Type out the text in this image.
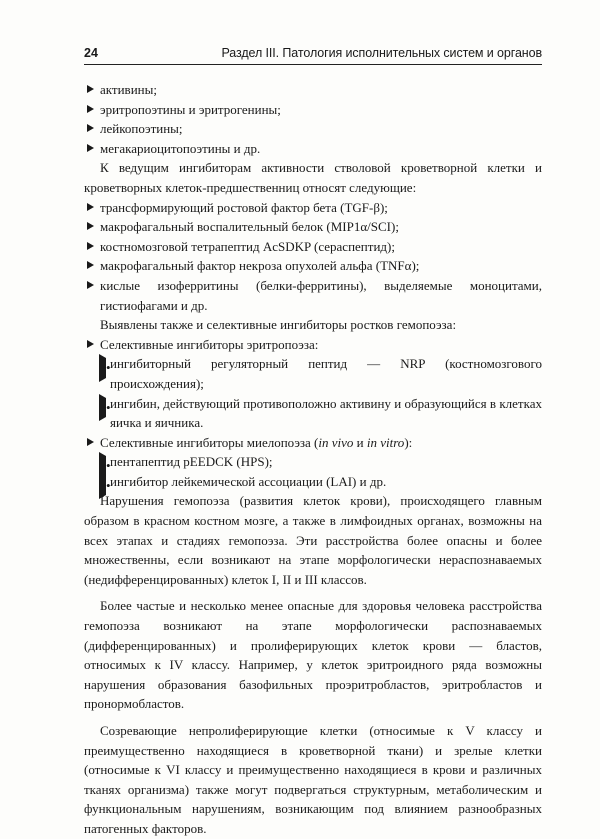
24	Раздел III. Патология исполнительных систем и органов
активины;
эритропоэтины и эритрогенины;
лейкопоэтины;
мегакариоцитопоэтины и др.

К ведущим ингибиторам активности стволовой кроветворной клетки и кроветворных клеток-предшественниц относят следующие:

трансформирующий ростовой фактор бета (TGF-β);
макрофагальный воспалительный белок (MIP1α/SCI);
костномозговой тетрапептид AcSDKP (сераспептид);
макрофагальный фактор некроза опухолей альфа (TNFα);
кислые изоферритины (белки-ферритины), выделяемые моноцитами, гистиофагами и др.

Выявлены также и селективные ингибиторы ростков гемопоэза:

Селективные ингибиторы эритропоэза:
• ингибиторный регуляторный пептид — NRP (костномозгового происхождения);
• ингибин, действующий противоположно активину и образующийся в клетках яичка и яичника.
Селективные ингибиторы миелопоэза (in vivo и in vitro):
• пентапептид pEEDCK (HPS);
• ингибитор лейкемической ассоциации (LAI) и др.

Нарушения гемопоэза (развития клеток крови), происходящего главным образом в красном костном мозге, а также в лимфоидных органах, возможны на всех этапах и стадиях гемопоэза. Эти расстройства более опасны и более множественны, если возникают на этапе морфологически нераспознаваемых (недифференцированных) клеток I, II и III классов.

Более частые и несколько менее опасные для здоровья человека расстройства гемопоэза возникают на этапе морфологически распознаваемых (дифференцированных) и пролиферирующих клеток крови — бластов, относимых к IV классу. Например, у клеток эритроидного ряда возможны нарушения образования базофильных проэритробластов, эритробластов и пронормобластов.

Созревающие непролиферирующие клетки (относимые к V классу и преимущественно находящиеся в кроветворной ткани) и зрелые клетки (относимые к VI классу и преимущественно находящиеся в крови и различных тканях организма) также могут подвергаться структурным, метаболическим и функциональным нарушениям, возникающим под влиянием разнообразных патогенных факторов.
